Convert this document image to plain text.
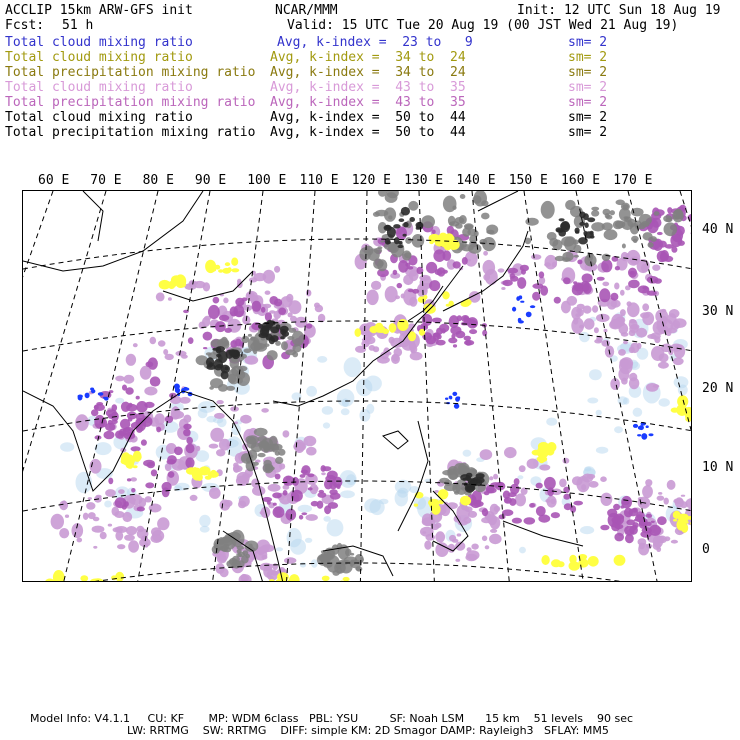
ACCLIP 15km ARW-GFS init	NCAR/MMM	Init: 12 UTC Sun 18 Aug 19
Fcst: 51 h	Valid: 15 UTC Tue 20 Aug 19 (00 JST Wed 21 Aug 19)
Total cloud mixing ratio	Avg, k-index =  23 to   9	sm= 2
Total cloud mixing ratio	Avg, k-index =  34 to  24	sm= 2
Total precipitation mixing ratio Avg, k-index =  34 to  24	sm= 2
Total cloud mixing ratio	Avg, k-index =  43 to  35	sm= 2
Total precipitation mixing ratio Avg, k-index =  43 to  35	sm= 2
Total cloud mixing ratio	Avg, k-index =  50 to  44	sm= 2
Total precipitation mixing ratio Avg, k-index =  50 to  44	sm= 2
60 E 70 E 80 E 90 E 100 E 110 E 120 E 130 E 140 E 150 E 160 E 170 E
40 N
30 N
20 N
10 N
0
Model Info: V4.1.1     CU: KF       MP: WDM 6class   PBL: YSU         SF: Noah LSM      15 km    51 levels    90 sec
LW: RRTMG    SW: RRTMG    DIFF: simple KM: 2D Smagor DAMP: Rayleigh3   SFLAY: MM5
